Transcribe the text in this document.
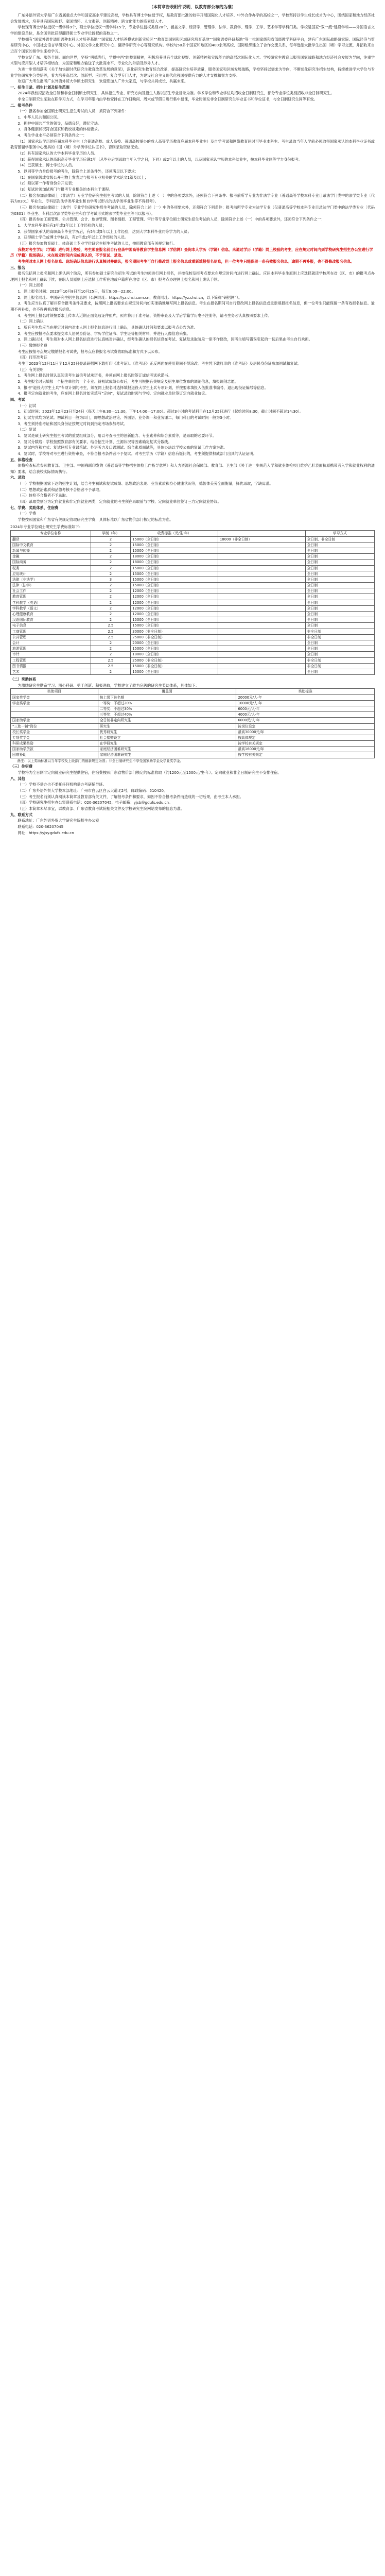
（本简章告表附件说明，以教育部公布的为准）
广东外语外贸大学是广东省属重点大学和国家高水平建设高校，学校具有博士学位授予权，是教育部批准的较早开展国际化人才培养、中外合作办学的高校之一，学校坚持以学生成长成才为中心，围绕国家和地方经济社会发展需求，培养具有国际视野、家国情怀、人文素养、创新精神、跨文化能力的高素质人才。
学校现有博士学位授权一级学科9个，硕士学位授权一级学科15个，专业学位授权类别20个，涵盖文学、经济学、管理学、法学、教育学、理学、工学、艺术学等学科门类。学校是国家“双一流”建设学科——外国语言文学的建设单位，是全国首批获得翻译硕士专业学位授权的高校之一。
学校拥有“国家外语非通用语种本科人才培养基地”“国家级人才培养模式创新实验区”“教育部国别和区域研究培育基地”“国家语委科研基地”等一批国家级和省部级教学科研平台，建有广东国际战略研究院、国际经济与贸易研究中心、中国社会语言学研究中心、外国文学文化研究中心、翻译学研究中心等研究机构。学校与50多个国家和地区的400余所高校、国际组织建立了合作交流关系，每年选派大批学生出国（境）学习交流，并招收来自近百个国家的留学生来校学习。
学校立足广东、服务全国、面向世界，坚持“明德尚行，学贯中西”的校训精神，积极培养具有全球化视野、创新精神和实践能力的高层次国际化人才。学校研究生教育以服务国家战略和地方经济社会发展为导向，注重学术型与应用型人才培养相结合，为国家和地方输送了大批高水平、专业化的外语及涉外人才。
为进一步贯彻落实《关于加快新时代研究生教育改革发展的意见》，深化研究生教育综合改革，提高研究生培养质量，服务国家和区域发展战略，学校坚持以需求为导向，不断优化研究生招生结构，持续推进学术学位与专业学位研究生分类培养，着力培养高层次、创新型、应用型、复合型专门人才，为建设社会主义现代化强国提供有力的人才支撑和智力支持。
欢迎广大考生报考广东外语外贸大学硕士研究生，欢迎您加入广外大家庭，与学校共同成长、共赢未来。
一、招生目录、招生计划及招生范围
2024年我校拟招收全日制和非全日制硕士研究生，具体招生专业、研究方向及招生人数以招生专业目录为准。学术学位和专业学位均招收全日制研究生，部分专业学位类别招收非全日制研究生。
非全日制研究生采取在职学习方式，在学习年限内由学校安排在工作日晚间、周末或节假日进行集中授课，毕业时颁发非全日制研究生毕业证书和学位证书，与全日制研究生同等有效。
二、报考条件
（一）报名参加全国硕士研究生招生考试的人员，须符合下列条件：
1．中华人民共和国公民。
2．拥护中国共产党的领导，品德良好，遵纪守法。
3．身体健康状况符合国家和我校规定的体检要求。
4．考生学业水平必须符合下列条件之一：
（1）国家承认学历的应届本科毕业生（含普通高校、成人高校、普通高校举办的成人高等学历教育应届本科毕业生）及自学考试和网络教育届时可毕业本科生。考生录取当年入学前必须取得国家承认的本科毕业证书或教育部留学服务中心出具的《国（境）外学历学位认证书》，否则录取资格无效。
（2）具有国家承认的大学本科毕业学历的人员。
（3）获得国家承认的高职高专毕业学历后满2年（从毕业后到录取当年入学之日，下同）或2年以上的人员，以及国家承认学历的本科结业生，按本科毕业同等学力身份报考。
（4）已获硕士、博士学位的人员。
5．以同等学力身份报考的考生，除符合上述条件外，还须满足以下要求：
（1）在国家级或省级公开刊物上发表过与报考专业相关的学术论文1篇及以上；
（2）须以第一作者身份公开发表；
（3）复试时须加试两门与报考专业相关的本科主干课程。
（二）报名参加法律硕士（非法学）专业学位研究生招生考试的人员，除须符合上述（一）中的各项要求外，还须符合下列条件：报考前所学专业为非法学专业（普通高等学校本科专业目录法学门类中的法学类专业〔代码为0301〕毕业生、专科层次法学类毕业生和自学考试形式的法学类毕业生等不得报考）。
（三）报名参加法律硕士（法学）专业学位研究生招生考试的人员，除须符合上述（一）中的各项要求外，还须符合下列条件：报考前所学专业为法学专业（仅普通高等学校本科专业目录法学门类中的法学类专业〔代码为0301〕毕业生、专科层次法学类毕业生和自学考试形式的法学类毕业生等可以报考）。
（四）报名参加工商管理、公共管理、会计、旅游管理、图书情报、工程管理、审计等专业学位硕士研究生招生考试的人员，除须符合上述（一）中的各项要求外，还须符合下列条件之一：
1．大学本科毕业后有3年或3年以上工作经验的人员；
2．获得国家承认的高职高专毕业学历后，有5年或5年以上工作经验，达到大学本科毕业同等学力的人员；
3．获得硕士学位或博士学位后，有2年或2年以上工作经验的人员。
（五）报名参加教育硕士、体育硕士专业学位研究生招生考试的人员，按照教育部有关规定执行。
我校对考生学历（学籍）进行网上校验，考生须在报名前自行登录中国高等教育学生信息网（学信网）查询本人学历（学籍）信息。未通过学历（学籍）网上校验的考生，应在规定时间内到学校研究生招生办公室进行学历（学籍）现场确认，未在规定时间内完成确认的，不予复试、录取。
考生须对本人网上报名信息、现场确认信息进行认真核对并确认，报名期间考生可自行修改网上报名信息或重新填报报名信息，但一位考生只能保留一条有效报名信息。逾期不再补报，也不得修改报名信息。
三、报名
报名包括网上报名和网上确认两个阶段，所有参加硕士研究生招生考试的考生均须进行网上报名，并按我校及报考点要求在规定时间内进行网上确认。应届本科毕业生原则上应选择就读学校所在省（区、市）的报考点办理网上报名和网上确认手续；在职人员原则上应选择工作所在地或户籍所在地省（区、市）报考点办理网上报名和网上确认手续。
（一）网上报名
1．网上报名时间：2023年10月8日至10月25日，每天9:00—22:00。
2．网上报名网址：中国研究生招生信息网（公网网址：https://yz.chsi.com.cn，教育网址：https://yz.chsi.cn，以下简称“研招网”）。
3．考生应当认真了解并符合报考条件及要求，按照网上报名要求在规定时间内如实准确地填写网上报名信息。考生在报名期间可自行修改网上报名信息或重新填报报名信息，但一位考生只能保留一条有效报名信息。逾期不再补报，也不得再修改报名信息。
4．考生网上报名时须按要求上传本人近期正面免冠证件照片，照片将用于准考证、资格审查及入学后学籍学历电子注册等，请考生务必认真按照要求上传。
（二）网上确认
1．所有考生均应当在规定时间内对本人网上报名信息进行网上确认，具体确认时间和要求以报考点公告为准。
2．考生应按报考点要求提交本人居民身份证、学历学位证书、学生证等相关材料，并进行人像信息采集。
3．网上确认时，考生须对本人网上报名信息进行认真核对并确认，经考生确认的报名信息在考试、复试及录取阶段一律不作修改，因考生填写错误引起的一切后果由考生自行承担。
（三）缴纳报名费
考生应按报考点规定缴纳报名考试费，报考点应将报名考试费收取标准和方式予以公布。
（四）打印准考证
考生于2023年12月11日至12月25日登录研招网下载打印《准考证》。《准考证》正反两面在使用期间不得涂改。考生凭下载打印的《准考证》及居民身份证参加初试和复试。
（五）有关说明
1．考生网上报名时须认真阅读考生诚信考试承诺书，并须在网上报名时签订诚信考试承诺书。
2．考生报名时只填报一个招生单位的一个专业。待初试成绩公布后，考生可根据有关规定及招生单位发布的调剂信息，填报调剂志愿。
3．报考“退役大学生士兵”专项计划的考生，须在网上报名时选择填报退役大学生士兵专项计划，并按要求填报入伍批准书编号、退出现役证编号等信息。
4．报考定向就业的考生，应在网上报名时如实填写“定向”，复试录取时须与学校、定向就业单位签订定向就业协议。
四、考试
（一）初试
1．初试时间：2023年12月23日至24日（每天上午8:30—11:30，下午14:00—17:00）。超过3小时的考试科目在12月25日进行（起始时间8:30，截止时间不超过14:30）。
2．初试方式均为笔试。初试科目一般为四门，即思想政治理论、外国语、业务课一和业务课二，每门科目的考试时间一般为3小时。
3．考生须持准考证和居民身份证按规定时间到指定考场参加考试。
（二）复试
1．复试是硕士研究生招生考试的重要组成部分，用以考查考生的创新能力、专业素养和综合素质等，是录取的必要环节。
2．复试分数线：学校按照教育部有关要求，结合招生计划、生源状况等因素确定复试分数线。
3．复试内容和方式：复试包括专业课笔试、外语听力及口语测试、综合素质面试等，具体办法以学校公布的复试工作方案为准。
4．复试时，学校将对考生进行资格审查，不符合报考条件者不予复试。对考生学历（学籍）信息有疑问的，考生须提供权威部门出具的认证证明。
五、体格检查
体格检查标准参照教育部、卫生部、中国残联印发的《普通高等学校招生体检工作指导意见》和人力资源社会保障部、教育部、卫生部《关于进一步规范入学和就业体检项目维护乙肝表面抗原携带者入学和就业权利的通知》要求，结合我校实际情况执行。
六、录取
（一）学校根据国家下达的招生计划，结合考生初试和复试成绩、思想政治表现、业务素质和身心健康状况等，德智体美劳全面衡量，择优录取，宁缺毋滥。
（二）思想政治素质和品德考核不合格者不予录取。
（三）体检不合格者不予录取。
（四）录取类别分为定向就业和非定向就业两类，定向就业的考生须在录取前与学校、定向就业单位签订三方定向就业协议。
七、学费、奖助体系、住宿费
（一）学费
学校按照国家和广东省有关规定收取研究生学费，具体标准以广东省物价部门核定的标准为准。
2024年专业学位硕士研究生学费标准如下：
专业学位名称	学制（年）	收费标准（元/生·年）		学习方式
翻译	2	15000（全日制）	18000（非全日制）	全日制、非全日制
国际中文教育	2	15000（全日制）		全日制
新闻与传播	2	15000（全日制）		全日制
金融	2	18000（全日制）		全日制
国际商务	2	18000（全日制）		全日制
税务	2	15000（全日制）		全日制
应用统计	2	15000（全日制）		全日制
法律（非法学）	3	15000（全日制）		全日制
法律（法学）	2	15000（全日制）		全日制
社会工作	2	12000（全日制）		全日制
教育管理	2	12000（全日制）		全日制
学科教学（英语）	2	12000（全日制）		全日制
学科教学（语文）	2	12000（全日制）		全日制
心理健康教育	2	12000（全日制）		全日制
汉语国际教育	2	15000（全日制）		全日制
电子信息	2.5	15000（全日制）		全日制
工商管理	2.5	30000（非全日制）		非全日制
公共管理	2.5	25000（非全日制）		非全日制
会计	2	20000（全日制）		全日制
旅游管理	2	15000（全日制）		全日制
审计	2	18000（全日制）		全日制
工程管理	2.5	25000（非全日制）		非全日制
图书情报	2.5	15000（非全日制）		非全日制
艺术	2	15000（全日制）		全日制
（二）奖助体系
为激励研究生勤奋学习、潜心科研、勇于创新、积极进取，学校建立了较为完善的研究生奖助体系，具体如下：
奖助项目	覆盖面	奖助标准
国家奖学金	按上级下达名额	20000元/人·年
学业奖学金	一等奖：不超过20%	10000元/人·年
	二等奖：不超过30%	6000元/人·年
	三等奖：不超过40%	4000元/人·年
国家助学金	全日制非定向研究生	6000元/人·年
“三助一辅”岗位	研究生	按岗位设定
校长奖学金	优秀研究生	最高30000元/年
专项奖学金	社会捐赠设立	按具体规定
科研成果奖励	在学研究生	按学校有关规定
国家助学贷款	家庭经济困难研究生	最高16000元/年
困难补助	家庭经济困难研究生	按学校有关规定
备注：以上奖助标准以当年学校及上级部门的最新规定为准；非全日制研究生不享受国家助学金及学业奖学金。
（三）住宿费
学校将为全日制非定向就业研究生提供住宿，住宿费按照广东省物价部门核定的标准收取（约1200元至1500元/生·年）。定向就业和非全日制研究生不安排住宿。
八、其他
（一）学校不举办也不委托任何机构举办考研辅导班。
（二）广东外语外贸大学校本部地址：广州市白云区白云大道北2号，邮政编码：510420。
（三）考生报名前须认真阅读本简章及教育部有关文件，了解报考条件和要求，如因不符合报考条件而造成的一切后果，由考生本人承担。
（四）学校研究生招生办公室联系电话：020-36207045，电子邮箱：yjsb@gdufs.edu.cn。
（五）本简章未尽事宜，以教育部、广东省教育考试院相关文件及学校研究生院网站发布的信息为准。
九、联系方式
联系地址：广东外语外贸大学研究生院招生办公室
联系电话：020-36207045
网址：https://yjsy.gdufs.edu.cn
